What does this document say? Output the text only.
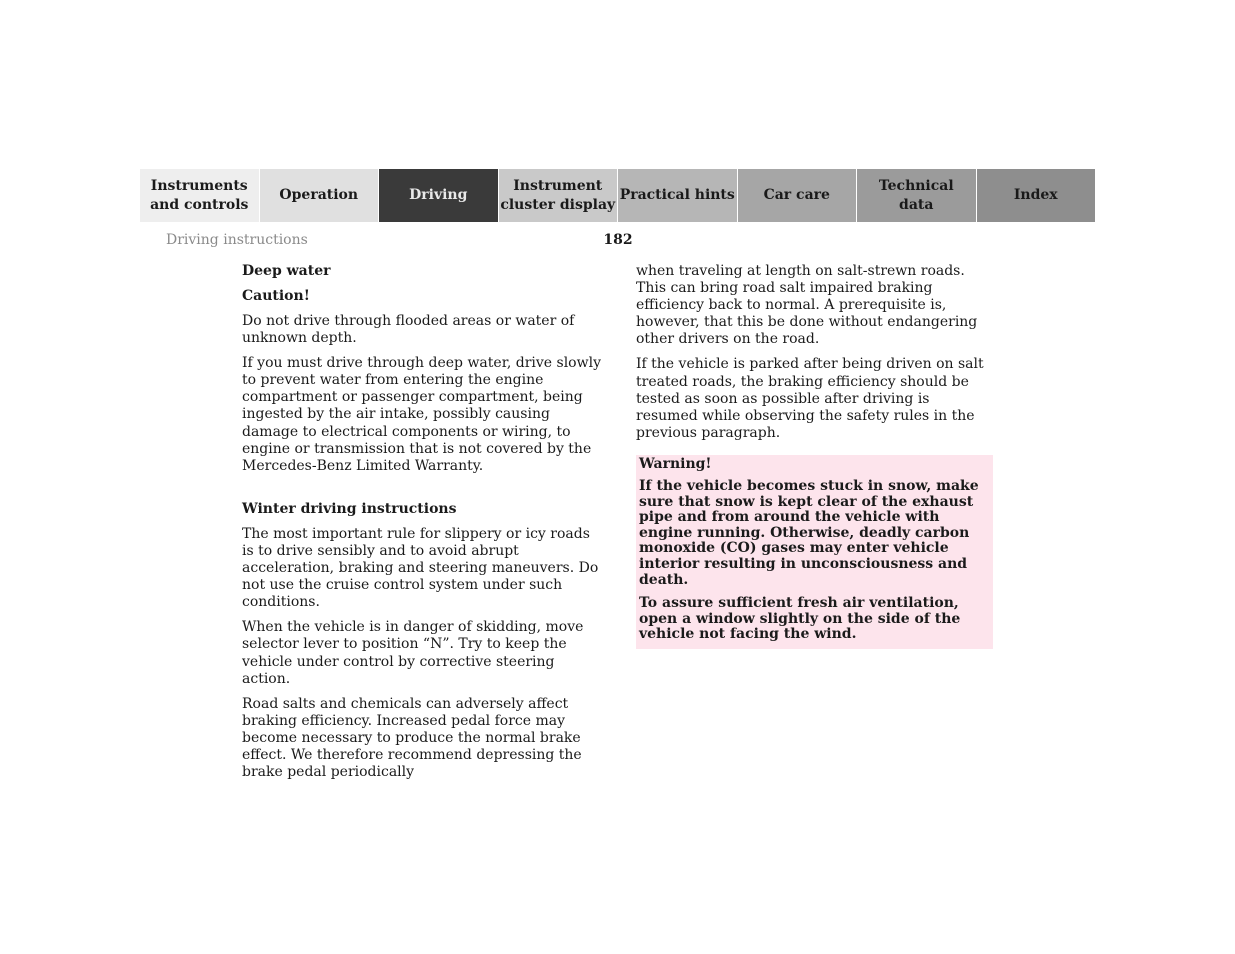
Instruments
and controls
Operation	Driving
Instrument
cluster display
Practical hints Car care
Technical
data
Index
Driving instructions	182
Deep water
Caution!

Do not drive through flooded areas or water of unknown depth.

If you must drive through deep water, drive slowly to prevent water from entering the engine compartment or passenger compartment, being ingested by the air intake, possibly causing damage to electrical components or wiring, to engine or transmission that is not covered by the Mercedes-Benz Limited Warranty.

Winter driving instructions

The most important rule for slippery or icy roads is to drive sensibly and to avoid abrupt acceleration, braking and steering maneuvers. Do not use the cruise control system under such conditions.

When the vehicle is in danger of skidding, move selector lever to position “N”. Try to keep the vehicle under control by corrective steering action.

Road salts and chemicals can adversely affect braking efficiency. Increased pedal force may become necessary to produce the normal brake effect. We therefore recommend depressing the brake pedal periodically

when traveling at length on salt-strewn roads. This can bring road salt impaired braking efficiency back to normal. A prerequisite is, however, that this be done without endangering other drivers on the road.

If the vehicle is parked after being driven on salt treated roads, the braking efficiency should be tested as soon as possible after driving is resumed while observing the safety rules in the previous paragraph.

Warning!

If the vehicle becomes stuck in snow, make sure that snow is kept clear of the exhaust pipe and from around the vehicle with engine running. Otherwise, deadly carbon monoxide (CO) gases may enter vehicle interior resulting in unconsciousness and death.

To assure sufficient fresh air ventilation, open a window slightly on the side of the vehicle not facing the wind.
